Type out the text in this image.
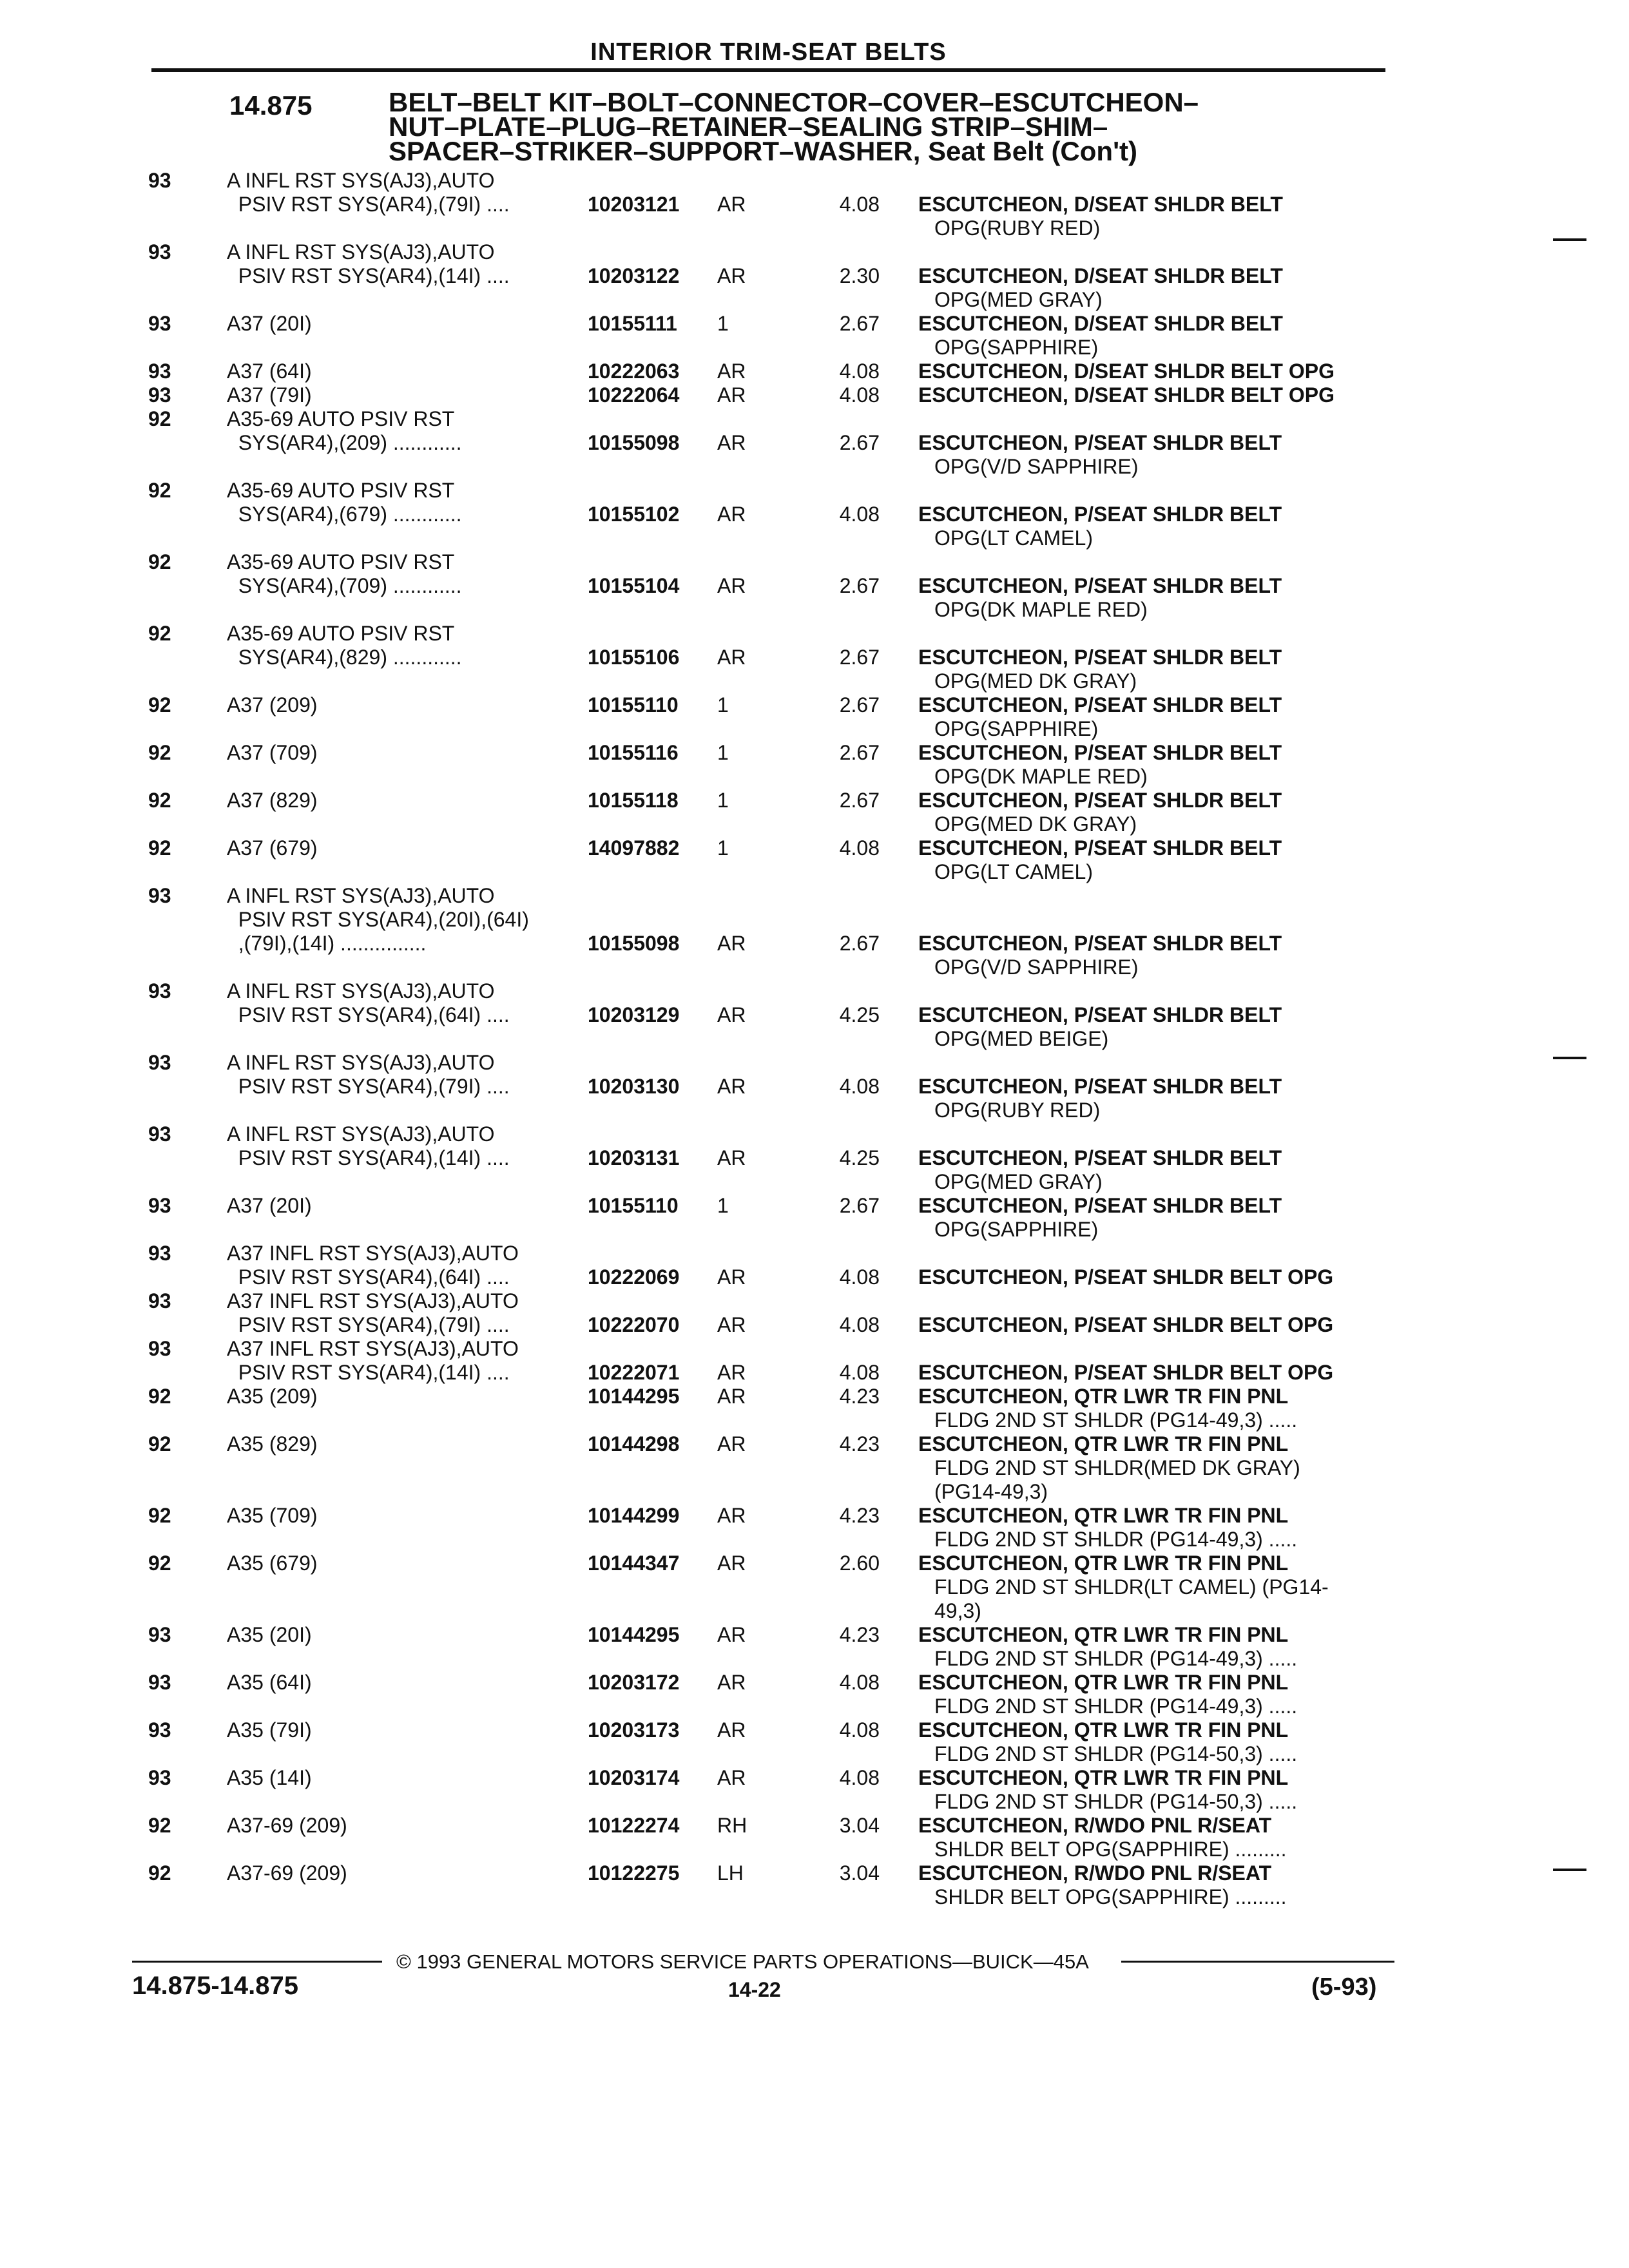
INTERIOR TRIM-SEAT BELTS
14.875	BELT–BELT KIT–BOLT–CONNECTOR–COVER–ESCUTCHEON–
NUT–PLATE–PLUG–RETAINER–SEALING STRIP–SHIM–
SPACER–STRIKER–SUPPORT–WASHER, Seat Belt (Con't)
93	A INFL RST SYS(AJ3),AUTO
PSIV RST SYS(AR4),(79I) ....	10203121 AR	4.08 ESCUTCHEON, D/SEAT SHLDR BELT
OPG(RUBY RED)
93	A INFL RST SYS(AJ3),AUTO
PSIV RST SYS(AR4),(14I) ....	10203122 AR	2.30 ESCUTCHEON, D/SEAT SHLDR BELT
OPG(MED GRAY)
93	A37 (20I)	10155111 1	2.67 ESCUTCHEON, D/SEAT SHLDR BELT
OPG(SAPPHIRE)
93	A37 (64I)	10222063 AR	4.08 ESCUTCHEON, D/SEAT SHLDR BELT OPG
93	A37 (79I)	10222064 AR	4.08 ESCUTCHEON, D/SEAT SHLDR BELT OPG
92	A35-69 AUTO PSIV RST
SYS(AR4),(209) ............	10155098 AR	2.67 ESCUTCHEON, P/SEAT SHLDR BELT
OPG(V/D SAPPHIRE)
92	A35-69 AUTO PSIV RST
SYS(AR4),(679) ............	10155102 AR	4.08 ESCUTCHEON, P/SEAT SHLDR BELT
OPG(LT CAMEL)
92	A35-69 AUTO PSIV RST
SYS(AR4),(709) ............	10155104 AR	2.67 ESCUTCHEON, P/SEAT SHLDR BELT
OPG(DK MAPLE RED)
92	A35-69 AUTO PSIV RST
SYS(AR4),(829) ............	10155106 AR	2.67 ESCUTCHEON, P/SEAT SHLDR BELT
OPG(MED DK GRAY)
92	A37 (209)	10155110 1	2.67 ESCUTCHEON, P/SEAT SHLDR BELT
OPG(SAPPHIRE)
92	A37 (709)	10155116 1	2.67 ESCUTCHEON, P/SEAT SHLDR BELT
OPG(DK MAPLE RED)
92	A37 (829)	10155118 1	2.67 ESCUTCHEON, P/SEAT SHLDR BELT
OPG(MED DK GRAY)
92	A37 (679)	14097882 1	4.08 ESCUTCHEON, P/SEAT SHLDR BELT
OPG(LT CAMEL)
93	A INFL RST SYS(AJ3),AUTO
PSIV RST SYS(AR4),(20I),(64I)
,(79I),(14I) ...............	10155098 AR	2.67 ESCUTCHEON, P/SEAT SHLDR BELT
OPG(V/D SAPPHIRE)
93	A INFL RST SYS(AJ3),AUTO
PSIV RST SYS(AR4),(64I) ....	10203129 AR	4.25 ESCUTCHEON, P/SEAT SHLDR BELT
OPG(MED BEIGE)
93	A INFL RST SYS(AJ3),AUTO
PSIV RST SYS(AR4),(79I) ....	10203130 AR	4.08 ESCUTCHEON, P/SEAT SHLDR BELT
OPG(RUBY RED)
93	A INFL RST SYS(AJ3),AUTO
PSIV RST SYS(AR4),(14I) ....	10203131 AR	4.25 ESCUTCHEON, P/SEAT SHLDR BELT
OPG(MED GRAY)
93	A37 (20I)	10155110 1	2.67 ESCUTCHEON, P/SEAT SHLDR BELT
OPG(SAPPHIRE)
93	A37 INFL RST SYS(AJ3),AUTO
PSIV RST SYS(AR4),(64I) ....	10222069 AR	4.08 ESCUTCHEON, P/SEAT SHLDR BELT OPG
93	A37 INFL RST SYS(AJ3),AUTO
PSIV RST SYS(AR4),(79I) ....	10222070 AR	4.08 ESCUTCHEON, P/SEAT SHLDR BELT OPG
93	A37 INFL RST SYS(AJ3),AUTO
PSIV RST SYS(AR4),(14I) ....	10222071 AR	4.08 ESCUTCHEON, P/SEAT SHLDR BELT OPG
92	A35 (209)	10144295 AR	4.23 ESCUTCHEON, QTR LWR TR FIN PNL
FLDG 2ND ST SHLDR (PG14-49,3) .....
92	A35 (829)	10144298 AR	4.23 ESCUTCHEON, QTR LWR TR FIN PNL
FLDG 2ND ST SHLDR(MED DK GRAY)
(PG14-49,3)
92	A35 (709)	10144299 AR	4.23 ESCUTCHEON, QTR LWR TR FIN PNL
FLDG 2ND ST SHLDR (PG14-49,3) .....
92	A35 (679)	10144347 AR	2.60 ESCUTCHEON, QTR LWR TR FIN PNL
FLDG 2ND ST SHLDR(LT CAMEL) (PG14-
49,3)
93	A35 (20I)	10144295 AR	4.23 ESCUTCHEON, QTR LWR TR FIN PNL
FLDG 2ND ST SHLDR (PG14-49,3) .....
93	A35 (64I)	10203172 AR	4.08 ESCUTCHEON, QTR LWR TR FIN PNL
FLDG 2ND ST SHLDR (PG14-49,3) .....
93	A35 (79I)	10203173 AR	4.08 ESCUTCHEON, QTR LWR TR FIN PNL
FLDG 2ND ST SHLDR (PG14-50,3) .....
93	A35 (14I)	10203174 AR	4.08 ESCUTCHEON, QTR LWR TR FIN PNL
FLDG 2ND ST SHLDR (PG14-50,3) .....
92	A37-69 (209)	10122274 RH	3.04 ESCUTCHEON, R/WDO PNL R/SEAT
SHLDR BELT OPG(SAPPHIRE) .........
92	A37-69 (209)	10122275 LH	3.04 ESCUTCHEON, R/WDO PNL R/SEAT
SHLDR BELT OPG(SAPPHIRE) .........
© 1993 GENERAL MOTORS SERVICE PARTS OPERATIONS—BUICK—45A
14.875-14.875	14-22	(5-93)
